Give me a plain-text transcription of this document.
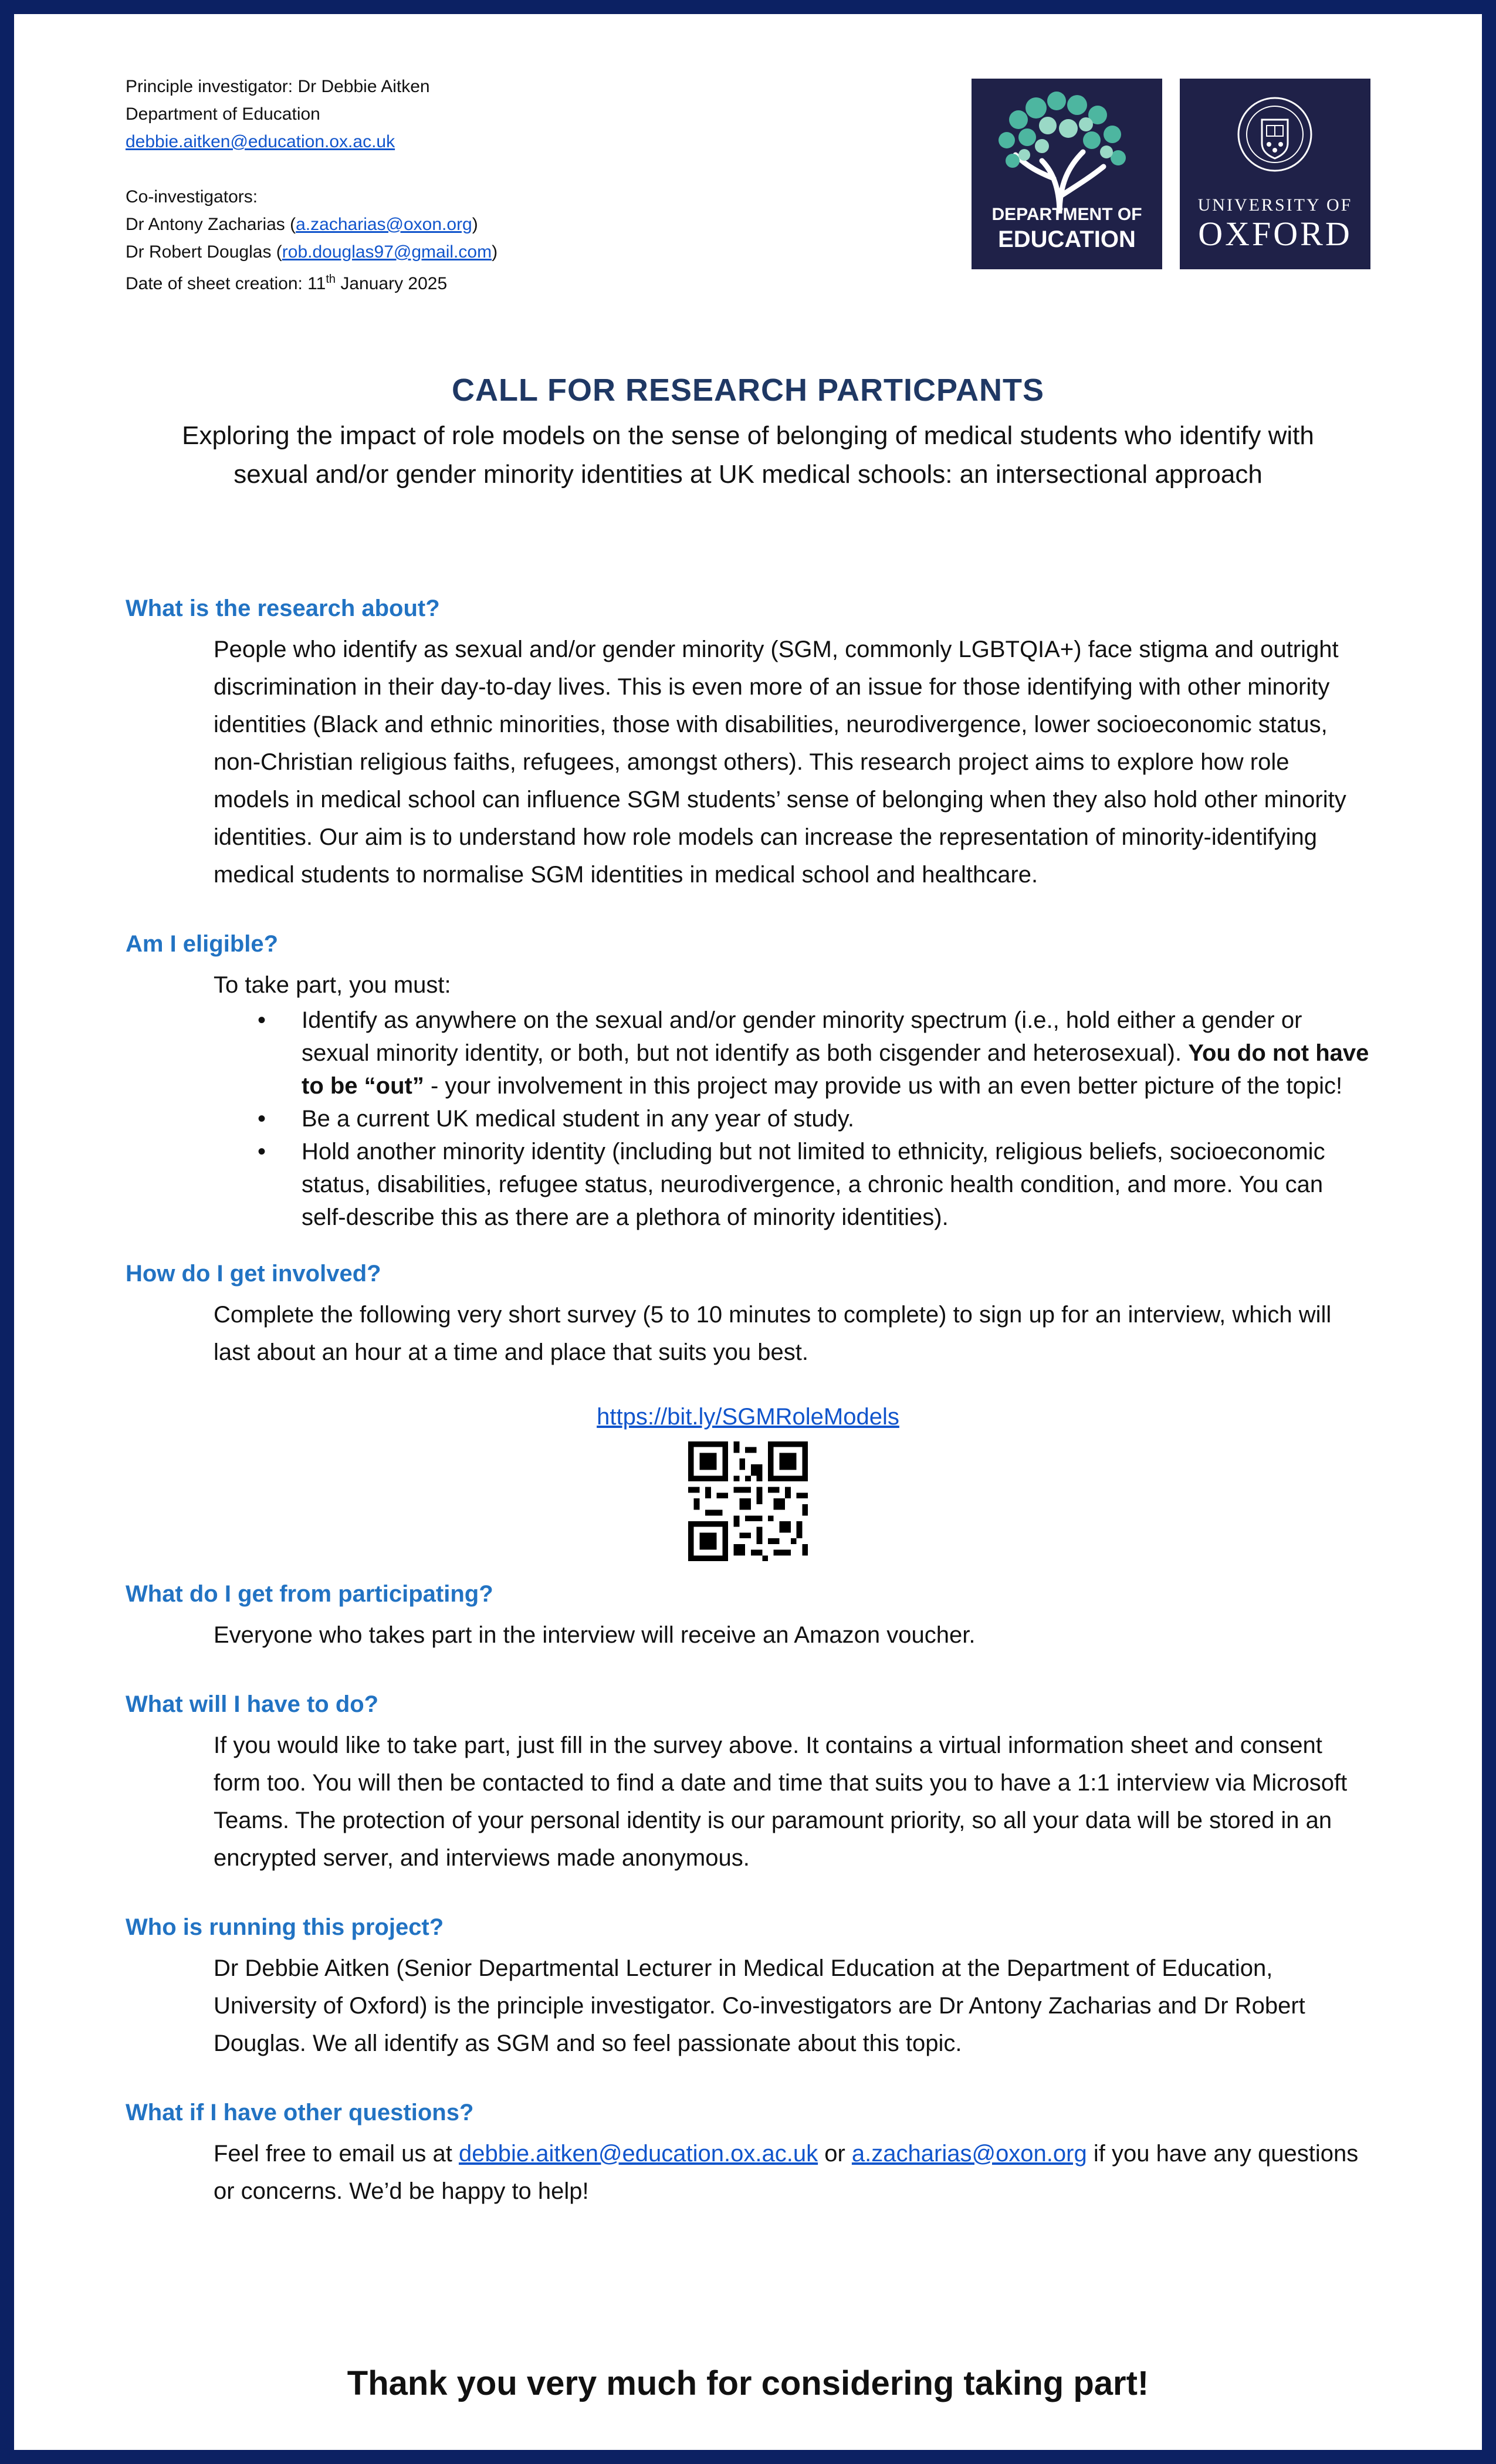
Principle investigator: Dr Debbie Aitken

Department of Education

debbie.aitken@education.ox.ac.uk

Co-investigators:

Dr Antony Zacharias (a.zacharias@oxon.org)

Dr Robert Douglas (rob.douglas97@gmail.com)

Date of sheet creation: 11th January 2025

DEPARTMENT OF
EDUCATION
UNIVERSITY OF
OXFORD
CALL FOR RESEARCH PARTICPANTS
Exploring the impact of role models on the sense of belonging of medical students who identify with sexual and/or gender minority identities at UK medical schools: an intersectional approach
What is the research about?

People who identify as sexual and/or gender minority (SGM, commonly LGBTQIA+) face stigma and outright discrimination in their day-to-day lives. This is even more of an issue for those identifying with other minority identities (Black and ethnic minorities, those with disabilities, neurodivergence, lower socioeconomic status, non-Christian religious faiths, refugees, amongst others). This research project aims to explore how role models in medical school can influence SGM students’ sense of belonging when they also hold other minority identities. Our aim is to understand how role models can increase the representation of minority-identifying medical students to normalise SGM identities in medical school and healthcare.

Am I eligible?

To take part, you must:

• Identify as anywhere on the sexual and/or gender minority spectrum (i.e., hold either a gender or sexual minority identity, or both, but not identify as both cisgender and heterosexual). You do not have to be “out” - your involvement in this project may provide us with an even better picture of the topic!
• Be a current UK medical student in any year of study.
• Hold another minority identity (including but not limited to ethnicity, religious beliefs, socioeconomic status, disabilities, refugee status, neurodivergence, a chronic health condition, and more. You can self-describe this as there are a plethora of minority identities).
How do I get involved?

Complete the following very short survey (5 to 10 minutes to complete) to sign up for an interview, which will last about an hour at a time and place that suits you best.

https://bit.ly/SGMRoleModels
What do I get from participating?

Everyone who takes part in the interview will receive an Amazon voucher.

What will I have to do?

If you would like to take part, just fill in the survey above. It contains a virtual information sheet and consent form too. You will then be contacted to find a date and time that suits you to have a 1:1 interview via Microsoft Teams. The protection of your personal identity is our paramount priority, so all your data will be stored in an encrypted server, and interviews made anonymous.

Who is running this project?

Dr Debbie Aitken (Senior Departmental Lecturer in Medical Education at the Department of Education, University of Oxford) is the principle investigator. Co-investigators are Dr Antony Zacharias and Dr Robert Douglas. We all identify as SGM and so feel passionate about this topic.

What if I have other questions?

Feel free to email us at debbie.aitken@education.ox.ac.uk or a.zacharias@oxon.org if you have any questions or concerns. We’d be happy to help!

Thank you very much for considering taking part!
